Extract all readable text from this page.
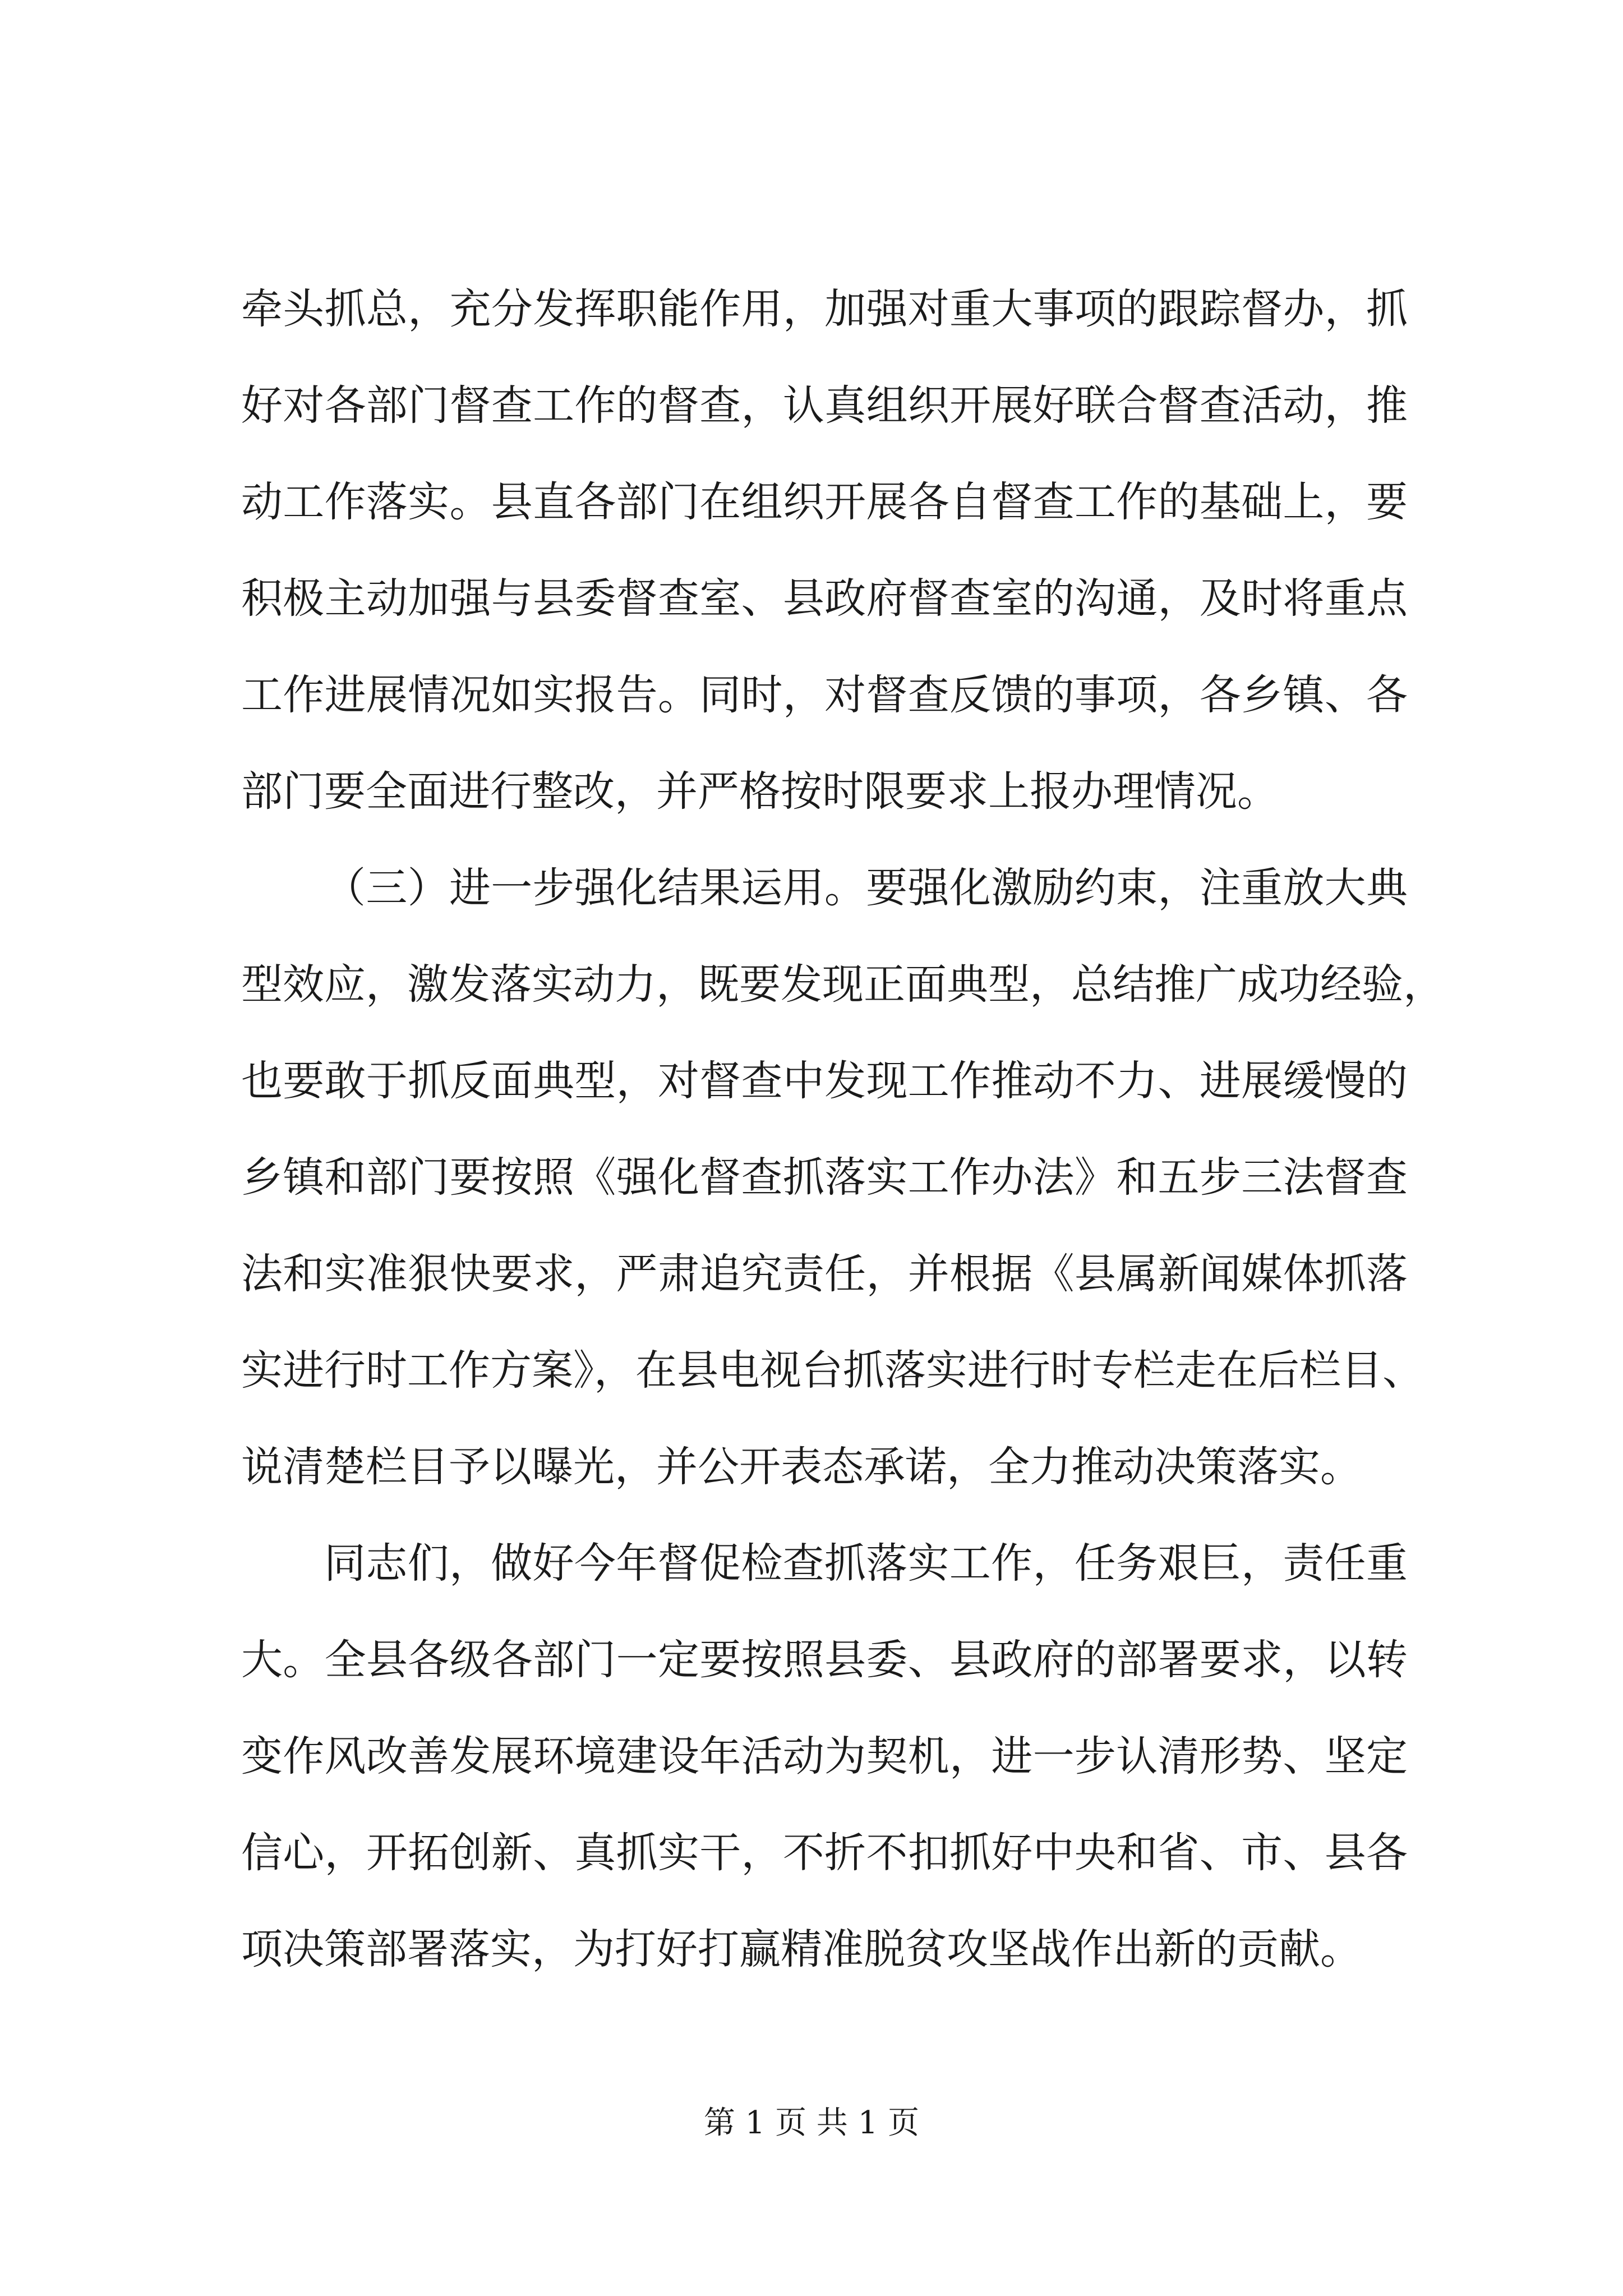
牵头抓总，充分发挥职能作用，加强对重大事项的跟踪督办，抓
好对各部门督查工作的督查，认真组织开展好联合督查活动，推
动工作落实。县直各部门在组织开展各自督查工作的基础上，要
积极主动加强与县委督查室、县政府督查室的沟通，及时将重点
工作进展情况如实报告。同时，对督查反馈的事项，各乡镇、各
部门要全面进行整改，并严格按时限要求上报办理情况。
（三）进一步强化结果运用。要强化激励约束，注重放大典
型效应，激发落实动力，既要发现正面典型，总结推广成功经验，
也要敢于抓反面典型，对督查中发现工作推动不力、进展缓慢的
乡镇和部门要按照《强化督查抓落实工作办法》和五步三法督查
法和实准狠快要求，严肃追究责任，并根据《县属新闻媒体抓落
实进行时工作方案》，在县电视台抓落实进行时专栏走在后栏目、
说清楚栏目予以曝光，并公开表态承诺，全力推动决策落实。
同志们，做好今年督促检查抓落实工作，任务艰巨，责任重
大。全县各级各部门一定要按照县委、县政府的部署要求，以转
变作风改善发展环境建设年活动为契机，进一步认清形势、坚定
信心，开拓创新、真抓实干，不折不扣抓好中央和省、市、县各
项决策部署落实，为打好打赢精准脱贫攻坚战作出新的贡献。
第 1 页 共 1 页
